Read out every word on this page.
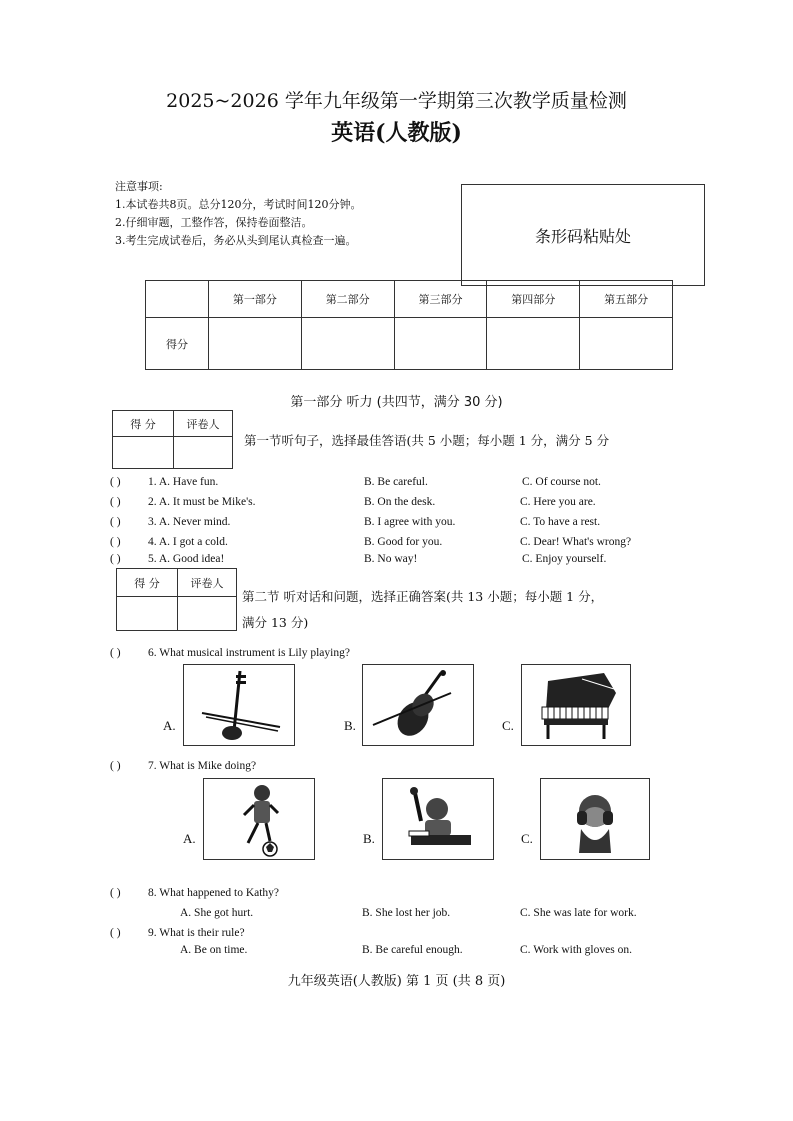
2025~2026 学年九年级第一学期第三次教学质量检测
英语(人教版)
注意事项:
1.本试卷共8页。总分120分，考试时间120分钟。
2.仔细审题，工整作答，保持卷面整洁。
3.考生完成试卷后，务必从头到尾认真检查一遍。	条形码粘贴处
	第一部分	第二部分	第三部分	第四部分	第五部分
得分					
第一部分 听力 (共四节，满分 30 分)
得 分	评卷人

第一节听句子，选择最佳答语(共 5 小题；每小题 1 分，满分 5 分
( ) 1. A. Have fun.	B. Be careful.	C. Of course not.
( ) 2. A. It must be Mike's.	B. On the desk.	C. Here you are.
( ) 3. A. Never mind.	B. I agree with you.	C. To have a rest.
( ) 4. A. I got a cold.	B. Good for you.	C. Dear! What's wrong?
( ) 5. A. Good idea!	B. No way!	C. Enjoy yourself.
得 分	评卷人

第二节 听对话和问题，选择正确答案(共 13 小题；每小题 1 分，
满分 13 分)
( ) 6. What musical instrument is Lily playing?
A.	B.	C.
( ) 7. What is Mike doing?
A.	B.	C.
( ) 8. What happened to Kathy?
A. She got hurt.	B. She lost her job.	C. She was late for work.
( ) 9. What is their rule?
A. Be on time.	B. Be careful enough.	C. Work with gloves on.
九年级英语(人教版) 第 1 页 (共 8 页)
